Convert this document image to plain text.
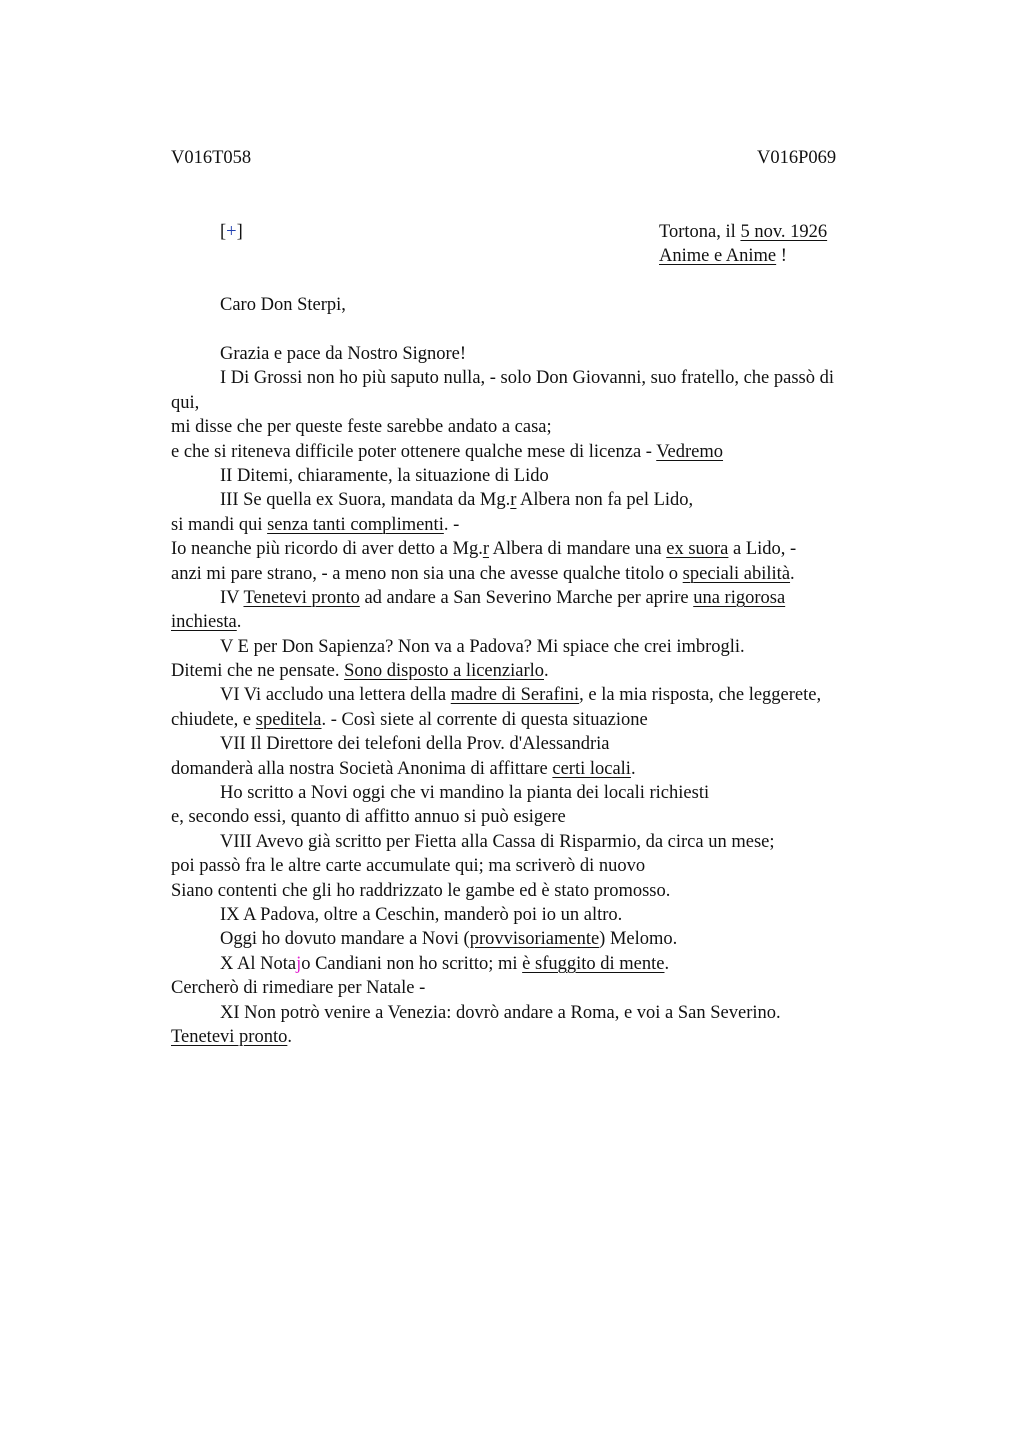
V016T058	V016P069
[+]	Tortona, il 5 nov. 1926
Anime e Anime !
Caro Don Sterpi,
Grazia e pace da Nostro Signore!
I Di Grossi non ho più saputo nulla, - solo Don Giovanni, suo fratello, che passò di
qui,
mi disse che per queste feste sarebbe andato a casa;
e che si riteneva difficile poter ottenere qualche mese di licenza - Vedremo
II Ditemi, chiaramente, la situazione di Lido
III Se quella ex Suora, mandata da Mg.r Albera non fa pel Lido,
si mandi qui senza tanti complimenti. -
Io neanche più ricordo di aver detto a Mg.r Albera di mandare una ex suora a Lido, -
anzi mi pare strano, - a meno non sia una che avesse qualche titolo o speciali abilità.
IV Tenetevi pronto ad andare a San Severino Marche per aprire una rigorosa
inchiesta.
V E per Don Sapienza? Non va a Padova? Mi spiace che crei imbrogli.
Ditemi che ne pensate. Sono disposto a licenziarlo.
VI Vi accludo una lettera della madre di Serafini, e la mia risposta, che leggerete,
chiudete, e speditela. - Così siete al corrente di questa situazione
VII Il Direttore dei telefoni della Prov. d'Alessandria
domanderà alla nostra Società Anonima di affittare certi locali.
Ho scritto a Novi oggi che vi mandino la pianta dei locali richiesti
e, secondo essi, quanto di affitto annuo si può esigere
VIII Avevo già scritto per Fietta alla Cassa di Risparmio, da circa un mese;
poi passò fra le altre carte accumulate qui; ma scriverò di nuovo
Siano contenti che gli ho raddrizzato le gambe ed è stato promosso.
IX A Padova, oltre a Ceschin, manderò poi io un altro.
Oggi ho dovuto mandare a Novi (provvisoriamente) Melomo.
X Al Notajo Candiani non ho scritto; mi è sfuggito di mente.
Cercherò di rimediare per Natale -
XI Non potrò venire a Venezia: dovrò andare a Roma, e voi a San Severino.
Tenetevi pronto.
